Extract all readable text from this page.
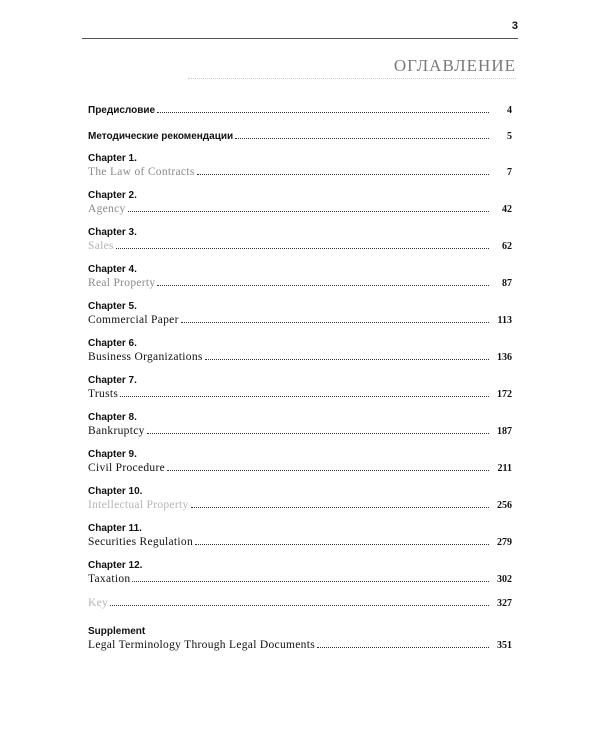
3
ОГЛАВЛЕНИЕ
Предисловие	4
Методические рекомендации	5
Chapter 1.
The Law of Contracts	7
Chapter 2.
Agency	42
Chapter 3.
Sales	62
Chapter 4.
Real Property	87
Chapter 5.
Commercial Paper	113
Chapter 6.
Business Organizations	136
Chapter 7.
Trusts	172
Chapter 8.
Bankruptcy	187
Chapter 9.
Civil Procedure	211
Chapter 10.
Intellectual Property	256
Chapter 11.
Securities Regulation	279
Chapter 12.
Taxation	302
Key	327
Supplement
Legal Terminology Through Legal Documents	351
